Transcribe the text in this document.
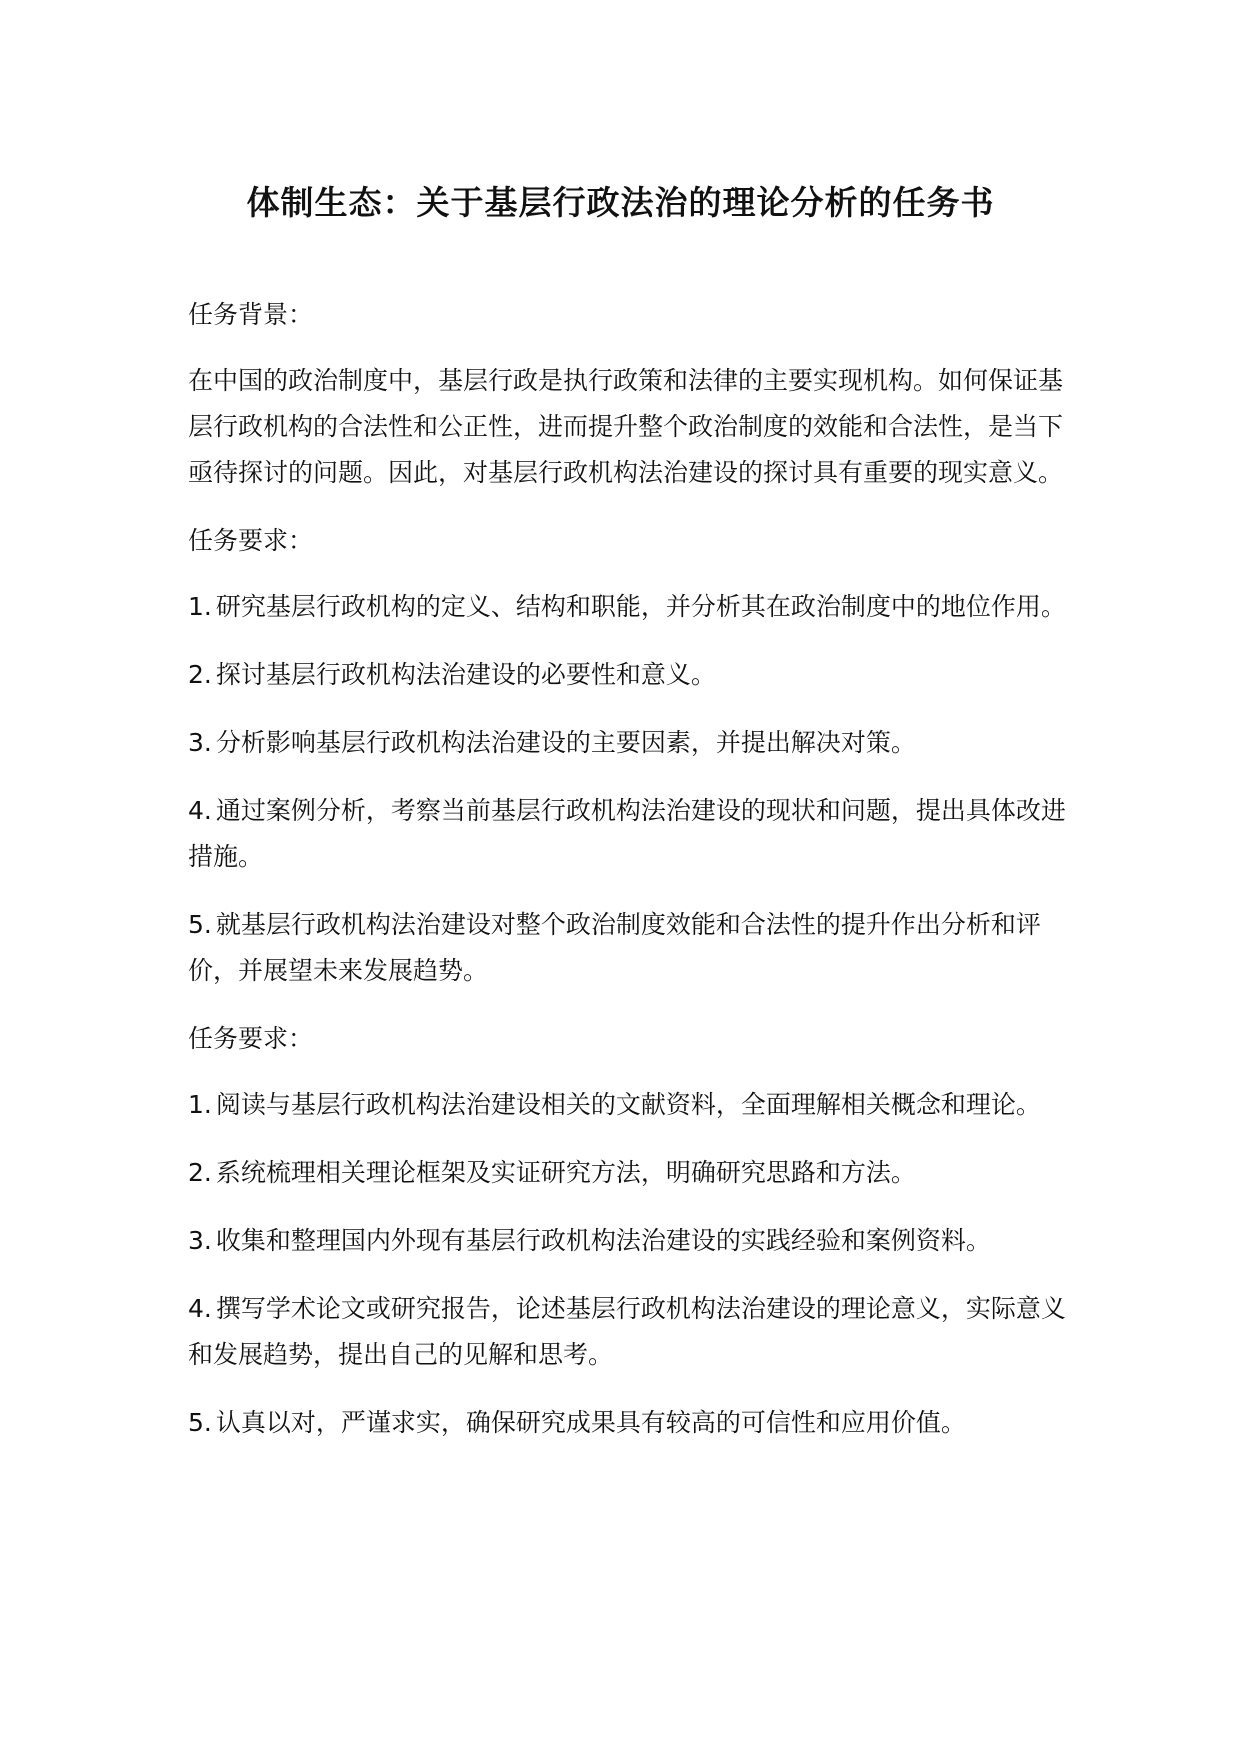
体制生态：关于基层行政法治的理论分析的任务书

任务背景：

在中国的政治制度中，基层行政是执行政策和法律的主要实现机构。如何保证基层行政机构的合法性和公正性，进而提升整个政治制度的效能和合法性，是当下亟待探讨的问题。因此，对基层行政机构法治建设的探讨具有重要的现实意义。

任务要求：

1. 研究基层行政机构的定义、结构和职能，并分析其在政治制度中的地位作用。

2. 探讨基层行政机构法治建设的必要性和意义。

3. 分析影响基层行政机构法治建设的主要因素，并提出解决对策。

4. 通过案例分析，考察当前基层行政机构法治建设的现状和问题，提出具体改进措施。

5. 就基层行政机构法治建设对整个政治制度效能和合法性的提升作出分析和评价，并展望未来发展趋势。

任务要求：

1. 阅读与基层行政机构法治建设相关的文献资料，全面理解相关概念和理论。

2. 系统梳理相关理论框架及实证研究方法，明确研究思路和方法。

3. 收集和整理国内外现有基层行政机构法治建设的实践经验和案例资料。

4. 撰写学术论文或研究报告，论述基层行政机构法治建设的理论意义，实际意义和发展趋势，提出自己的见解和思考。

5. 认真以对，严谨求实，确保研究成果具有较高的可信性和应用价值。
